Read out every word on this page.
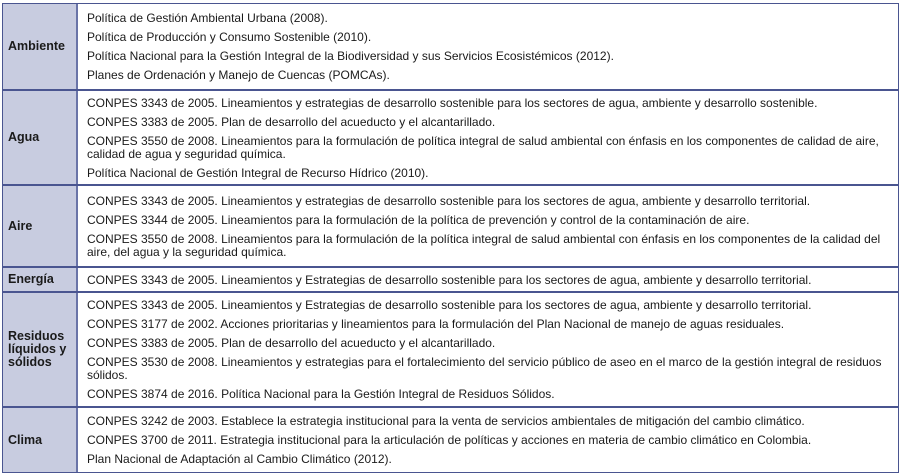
Ambiente
Política de Gestión Ambiental Urbana (2008).
Política de Producción y Consumo Sostenible (2010).
Política Nacional para la Gestión Integral de la Biodiversidad y sus Servicios Ecosistémicos (2012).
Planes de Ordenación y Manejo de Cuencas (POMCAs).
Agua
CONPES 3343 de 2005. Lineamientos y estrategias de desarrollo sostenible para los sectores de agua, ambiente y desarrollo sostenible.
CONPES 3383 de 2005. Plan de desarrollo del acueducto y el alcantarillado.
CONPES 3550 de 2008. Lineamientos para la formulación de política integral de salud ambiental con énfasis en los componentes de calidad de aire, calidad de agua y seguridad química.
Política Nacional de Gestión Integral de Recurso Hídrico (2010).
Aire
CONPES 3343 de 2005. Lineamientos y estrategias de desarrollo sostenible para los sectores de agua, ambiente y desarrollo territorial.
CONPES 3344 de 2005. Lineamientos para la formulación de la política de prevención y control de la contaminación de aire.
CONPES 3550 de 2008. Lineamientos para la formulación de la política integral de salud ambiental con énfasis en los componentes de la calidad del aire, del agua y la seguridad química.
Energía	CONPES 3343 de 2005. Lineamientos y Estrategias de desarrollo sostenible para los sectores de agua, ambiente y desarrollo territorial.
Residuos líquidos y sólidos
CONPES 3343 de 2005. Lineamientos y Estrategias de desarrollo sostenible para los sectores de agua, ambiente y desarrollo territorial.
CONPES 3177 de 2002. Acciones prioritarias y lineamientos para la formulación del Plan Nacional de manejo de aguas residuales.
CONPES 3383 de 2005. Plan de desarrollo del acueducto y el alcantarillado.
CONPES 3530 de 2008. Lineamientos y estrategias para el fortalecimiento del servicio público de aseo en el marco de la gestión integral de residuos sólidos.
CONPES 3874 de 2016. Política Nacional para la Gestión Integral de Residuos Sólidos.
Clima
CONPES 3242 de 2003. Establece la estrategia institucional para la venta de servicios ambientales de mitigación del cambio climático.
CONPES 3700 de 2011. Estrategia institucional para la articulación de políticas y acciones en materia de cambio climático en Colombia.
Plan Nacional de Adaptación al Cambio Climático (2012).
